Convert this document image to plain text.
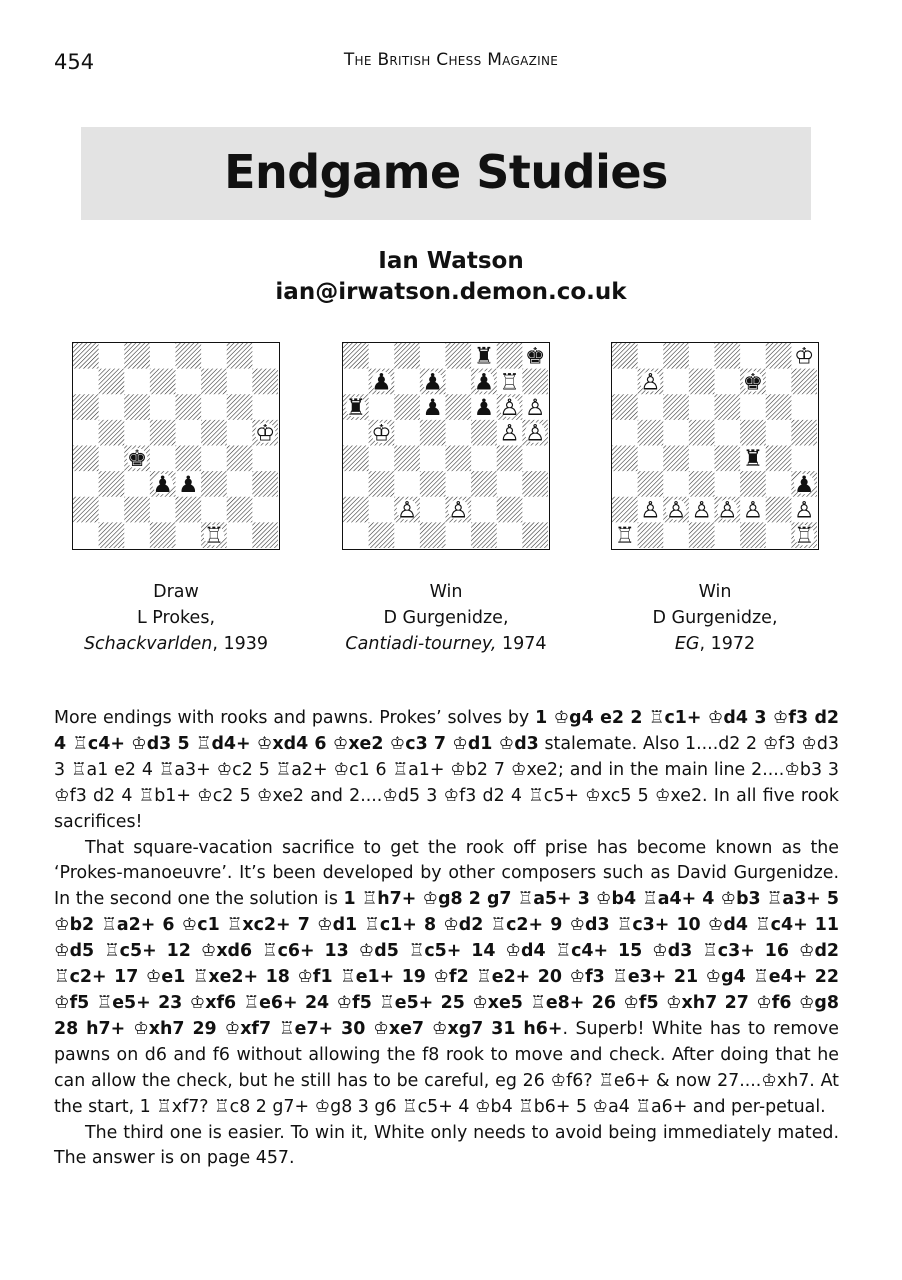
454	The British Chess Magazine
Endgame Studies
Ian Watson
ian@irwatson.demon.co.uk
♔
♖
♚
♟ ♟
♜ ♚
♟ ♟ ♟ ♖
♜ ♟ ♟ ♙ ♙
♔	♙ ♙
♙ ♙
♔
♙	♚
♜
♟
♙ ♙ ♙ ♙ ♙ ♙
♖	♖
Draw
L Prokes,
Schackvarlden, 1939
Win
D Gurgenidze,
Cantiadi-tourney, 1974
Win
D Gurgenidze,
EG, 1972

More endings with rooks and pawns. Prokes’ solves by 1 ♔g4 e2 2 ♖c1+ ♔d4 3 ♔f3 d2 4 ♖c4+ ♔d3 5 ♖d4+ ♔xd4 6 ♔xe2 ♔c3 7 ♔d1 ♔d3 stalemate. Also 1....d2 2 ♔f3 ♔d3 3 ♖a1 e2 4 ♖a3+ ♔c2 5 ♖a2+ ♔c1 6 ♖a1+ ♔b2 7 ♔xe2; and in the main line 2....♔b3 3 ♔f3 d2 4 ♖b1+ ♔c2 5 ♔xe2 and 2....♔d5 3 ♔f3 d2 4 ♖c5+ ♔xc5 5 ♔xe2. In all five rook sacrifices!

That square-vacation sacrifice to get the rook off prise has become known as the ‘Prokes-manoeuvre’. It’s been developed by other composers such as David Gurgenidze. In the second one the solution is 1 ♖h7+ ♔g8 2 g7 ♖a5+ 3 ♔b4 ♖a4+ 4 ♔b3 ♖a3+ 5 ♔b2 ♖a2+ 6 ♔c1 ♖xc2+ 7 ♔d1 ♖c1+ 8 ♔d2 ♖c2+ 9 ♔d3 ♖c3+ 10 ♔d4 ♖c4+ 11 ♔d5 ♖c5+ 12 ♔xd6 ♖c6+ 13 ♔d5 ♖c5+ 14 ♔d4 ♖c4+ 15 ♔d3 ♖c3+ 16 ♔d2 ♖c2+ 17 ♔e1 ♖xe2+ 18 ♔f1 ♖e1+ 19 ♔f2 ♖e2+ 20 ♔f3 ♖e3+ 21 ♔g4 ♖e4+ 22 ♔f5 ♖e5+ 23 ♔xf6 ♖e6+ 24 ♔f5 ♖e5+ 25 ♔xe5 ♖e8+ 26 ♔f5 ♔xh7 27 ♔f6 ♔g8 28 h7+ ♔xh7 29 ♔xf7 ♖e7+ 30 ♔xe7 ♔xg7 31 h6+. Superb! White has to remove pawns on d6 and f6 without allowing the f8 rook to move and check. After doing that he can allow the check, but he still has to be careful, eg 26 ♔f6? ♖e6+ & now 27....♔xh7. At the start, 1 ♖xf7? ♖c8 2 g7+ ♔g8 3 g6 ♖c5+ 4 ♔b4 ♖b6+ 5 ♔a4 ♖a6+ and per-petual.

The third one is easier. To win it, White only needs to avoid being immediately mated. The answer is on page 457.
